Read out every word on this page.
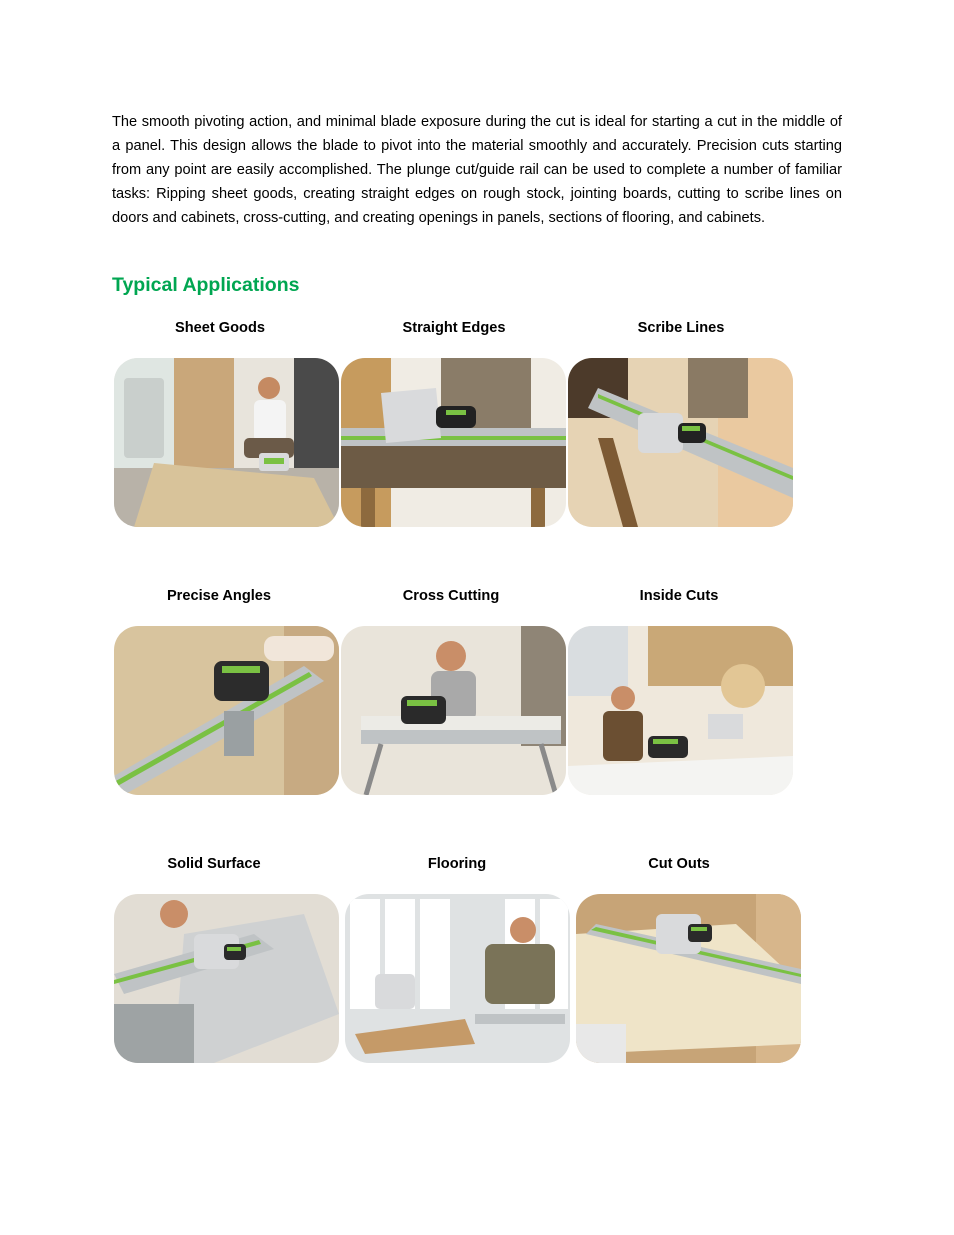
The smooth pivoting action, and minimal blade exposure during the cut is ideal for starting a cut in the middle of a panel. This design allows the blade to pivot into the material smoothly and accurately. Precision cuts starting from any point are easily accomplished. The plunge cut/guide rail can be used to complete a number of familiar tasks: Ripping sheet goods, creating straight edges on rough stock, jointing boards, cutting to scribe lines on doors and cabinets, cross-cutting, and creating openings in panels, sections of flooring, and cabinets.

Typical Applications

Sheet Goods	Straight Edges	Scribe Lines

Precise Angles	Cross Cutting	Inside Cuts

Solid Surface	Flooring	Cut Outs
